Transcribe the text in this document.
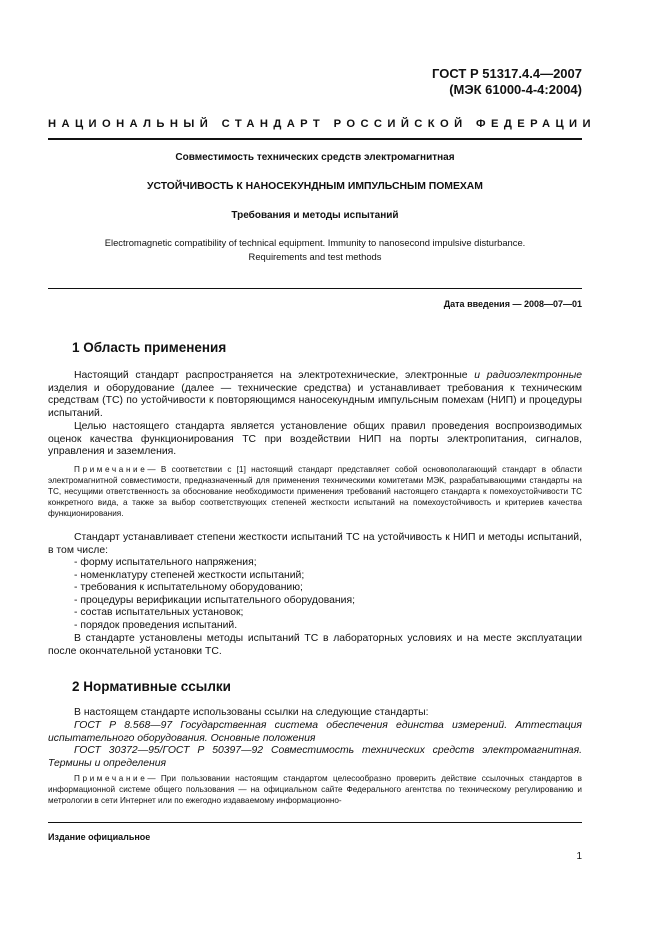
ГОСТ Р 51317.4.4—2007
(МЭК 61000-4-4:2004)
НАЦИОНАЛЬНЫЙ СТАНДАРТ РОССИЙСКОЙ ФЕДЕРАЦИИ
Совместимость технических средств электромагнитная
УСТОЙЧИВОСТЬ К НАНОСЕКУНДНЫМ ИМПУЛЬСНЫМ ПОМЕХАМ
Требования и методы испытаний
Electromagnetic compatibility of technical equipment. Immunity to nanosecond impulsive disturbance.
Requirements and test methods
Дата введения — 2008—07—01
1 Область применения
Настоящий стандарт распространяется на электротехнические, электронные и радиоэлектронные изделия и оборудование (далее — технические средства) и устанавливает требования к техническим средствам (ТС) по устойчивости к повторяющимся наносекундным импульсным помехам (НИП) и процедуры испытаний.
Целью настоящего стандарта является установление общих правил проведения воспроизводимых оценок качества функционирования ТС при воздействии НИП на порты электропитания, сигналов, управления и заземления.
Примечание— В соответствии с [1] настоящий стандарт представляет собой основополагающий стандарт в области электромагнитной совместимости, предназначенный для применения техническими комитетами МЭК, разрабатывающими стандарты на ТС, несущими ответственность за обоснование необходимости применения требований настоящего стандарта к помехоустойчивости ТС конкретного вида, а также за выбор соответствующих степеней жесткости испытаний на помехоустойчивость и критериев качества функционирования.
Стандарт устанавливает степени жесткости испытаний ТС на устойчивость к НИП и методы испытаний, в том числе:

- форму испытательного напряжения;

- номенклатуру степеней жесткости испытаний;

- требования к испытательному оборудованию;

- процедуры верификации испытательного оборудования;

- состав испытательных установок;

- порядок проведения испытаний.

В стандарте установлены методы испытаний ТС в лабораторных условиях и на месте эксплуатации после окончательной установки ТС.
2 Нормативные ссылки
В настоящем стандарте использованы ссылки на следующие стандарты:
ГОСТ Р 8.568—97 Государственная система обеспечения единства измерений. Аттестация испытательного оборудования. Основные положения
ГОСТ 30372—95/ГОСТ Р 50397—92 Совместимость технических средств электромагнитная. Термины и определения
Примечание— При пользовании настоящим стандартом целесообразно проверить действие ссылочных стандартов в информационной системе общего пользования — на официальном сайте Федерального агентства по техническому регулированию и метрологии в сети Интернет или по ежегодно издаваемому информационно-
Издание официальное
1
